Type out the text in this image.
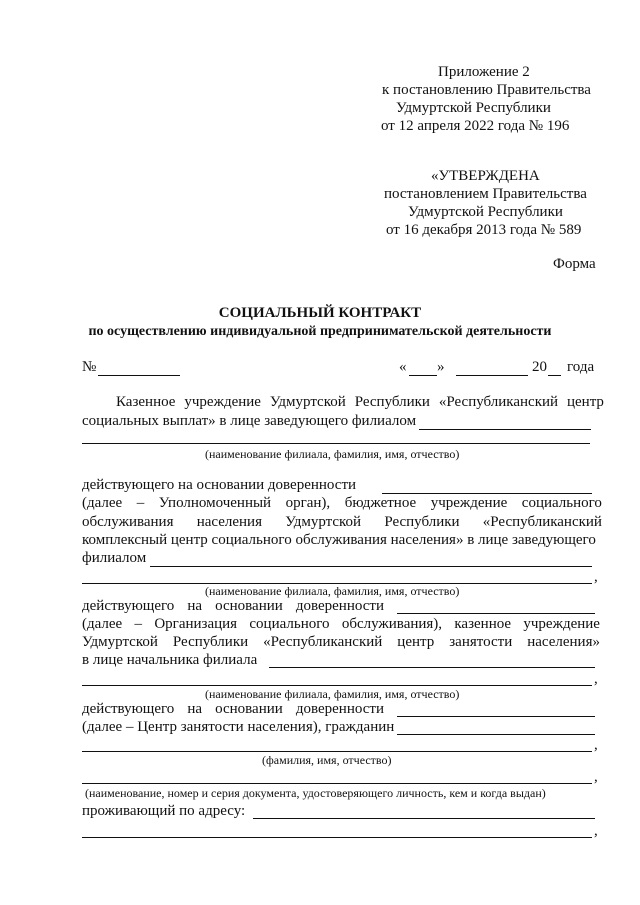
Приложение 2
к постановлению Правительства
Удмуртской Республики
от 12 апреля 2022 года № 196
«УТВЕРЖДЕНА
постановлением Правительства
Удмуртской Республики
от 16 декабря 2013 года № 589
Форма
СОЦИАЛЬНЫЙ КОНТРАКТ
по осуществлению индивидуальной предпринимательской деятельности
№	« »	20 года
Казенное учреждение Удмуртской Республики «Республиканский центр
социальных выплат» в лице заведующего филиалом
(наименование филиала, фамилия, имя, отчество)
действующего на основании доверенности
(далее – Уполномоченный орган), бюджетное учреждение социального
обслуживания населения Удмуртской Республики «Республиканский
комплексный центр социального обслуживания населения» в лице заведующего
филиалом
,
(наименование филиала, фамилия, имя, отчество)
действующего на основании доверенности
(далее – Организация социального обслуживания), казенное учреждение
Удмуртской Республики «Республиканский центр занятости населения»
в лице начальника филиала
,
(наименование филиала, фамилия, имя, отчество)
действующего на основании доверенности
(далее – Центр занятости населения), гражданин
,
(фамилия, имя, отчество)
,
(наименование, номер и серия документа, удостоверяющего личность, кем и когда выдан)
проживающий по адресу:
,
